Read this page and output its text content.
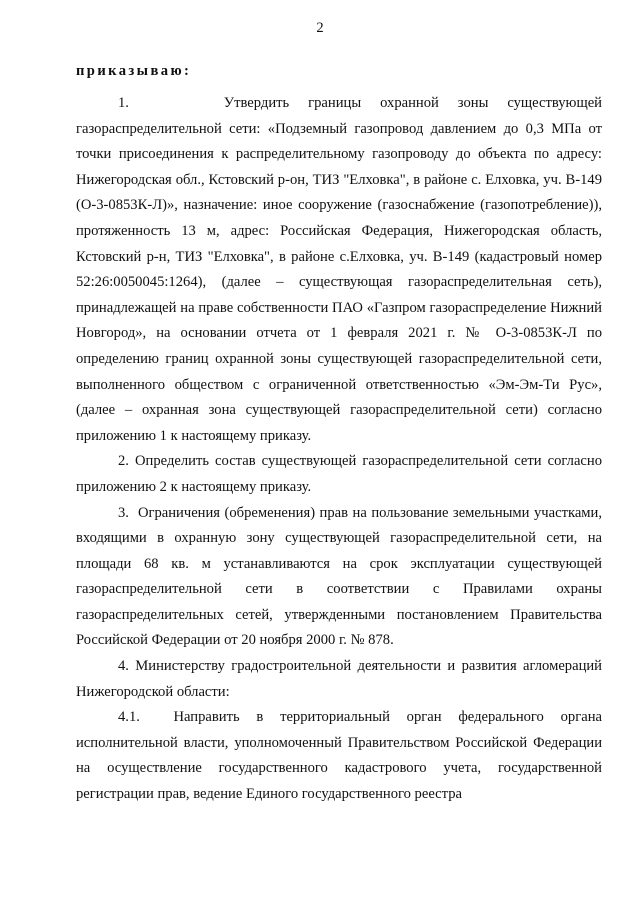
2
приказываю:

1.     Утвердить границы охранной зоны существующей газораспределительной сети: «Подземный газопровод давлением до 0,3 МПа от точки присоединения к распределительному газопроводу до объекта по адресу: Нижегородская обл., Кстовский р-он, ТИЗ "Елховка", в районе с. Елховка, уч. В-149 (О-3-0853К-Л)», назначение: иное сооружение (газоснабжение (газопотребление)), протяженность 13 м, адрес: Российская Федерация, Нижегородская область, Кстовский р-н, ТИЗ "Елховка", в районе с.Елховка, уч. В-149 (кадастровый номер 52:26:0050045:1264), (далее – существующая газораспределительная сеть), принадлежащей на праве собственности ПАО «Газпром газораспределение Нижний Новгород», на основании отчета от 1 февраля 2021 г. № О-3-0853К-Л по определению границ охранной зоны существующей газораспределительной сети, выполненного обществом с ограниченной ответственностью «Эм-Эм-Ти Рус», (далее – охранная зона существующей газораспределительной сети) согласно приложению 1 к настоящему приказу.

2. Определить состав существующей газораспределительной сети согласно приложению 2 к настоящему приказу.

3.  Ограничения (обременения) прав на пользование земельными участками, входящими в охранную зону существующей газораспределительной сети, на площади 68 кв. м устанавливаются на срок эксплуатации существующей газораспределительной сети в соответствии с Правилами охраны газораспределительных сетей, утвержденными постановлением Правительства Российской Федерации от 20 ноября 2000 г. № 878.

4. Министерству градостроительной деятельности и развития агломераций Нижегородской области:

4.1.  Направить в территориальный орган федерального органа исполнительной власти, уполномоченный Правительством Российской Федерации на осуществление государственного кадастрового учета, государственной регистрации прав, ведение Единого государственного реестра
